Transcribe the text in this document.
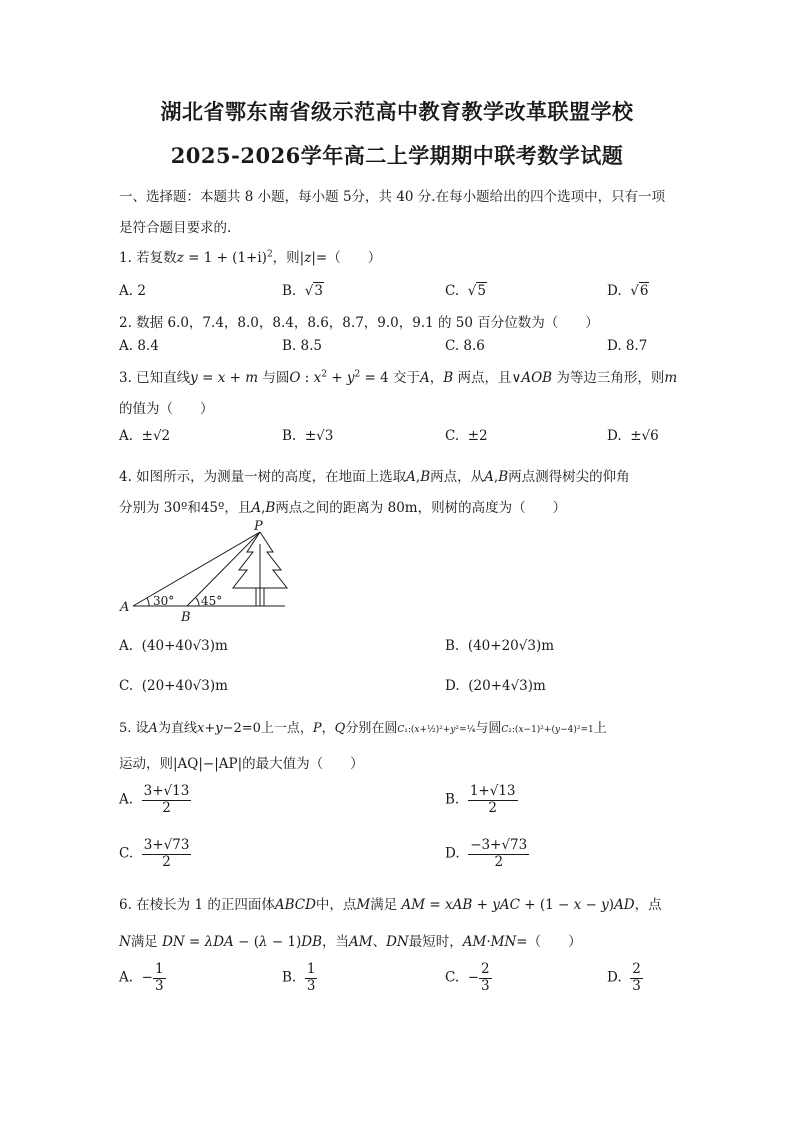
湖北省鄂东南省级示范高中教育教学改革联盟学校
2025-2026学年高二上学期期中联考数学试题
一、选择题：本题共 8 小题，每小题 5分，共 40 分.在每小题给出的四个选项中，只有一项
是符合题目要求的.
1. 若复数$z = 1 + (1+i)^2$，则|z|=（　　）
A. 2	B.  √3	C.  √5	D.  √6
2. 数据 6.0，7.4，8.0，8.4，8.6，8.7，9.0，9.1 的 50 百分位数为（　　）
A. 8.4	B. 8.5	C. 8.6	D. 8.7
3. 已知直线y = x + m 与圆O : $x^2 + y^2 = 4$ 交于A，B 两点，且∨AOB 为等边三角形，则m
的值为（　　）
A. ±√2	B. ±√3	C. ±2	D. ±√6
4. 如图所示，为测量一树的高度，在地面上选取A,B两点，从A,B两点测得树尖的仰角
分别为 30º和45º，且A,B两点之间的距离为 80m，则树的高度为（　　）
P
A
B
30° 45°
A. (40+40√3)m	B. (40+20√3)m
C. (20+40√3)m	D. (20+4√3)m
5. 设A为直线x+y−2=0上一点，P，Q分别在圆C₁:(x+½)²+y²=¼与圆C₂:(x−1)²+(y−4)²=1上
运动，则|AQ|−|AP|的最大值为（　　）
A. $\frac{3+√13}{2}$	B. $\frac{1+√13}{2}$
C. $\frac{3+√73}{2}$	D. $\frac{-3+√73}{2}$
6. 在棱长为 1 的正四面体ABCD中，点M满足 AM = xAB + yAC + (1 − x − y)AD，点
N满足 DN = λDA − (λ − 1)DB，当AM、DN最短时，AM·MN=（　　）
A. − $\frac{1}{3}$	B. $\frac{1}{3}$	C. − $\frac{2}{3}$	D. $\frac{2}{3}$
